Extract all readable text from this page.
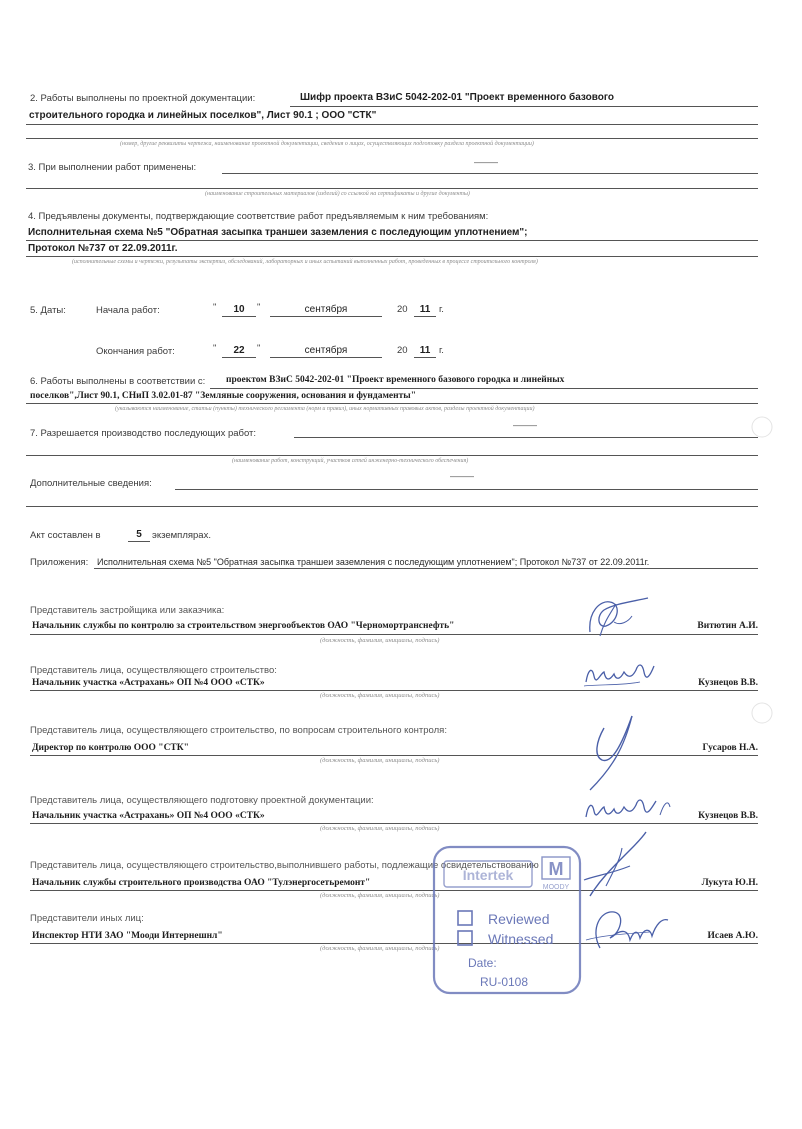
2. Работы выполнены по проектной документации:	Шифр проекта ВЗиС 5042-202-01 "Проект временного базового
строительного городка и линейных поселков", Лист 90.1 ; ООО "СТК"
(номер, другие реквизиты чертежа, наименование проектной документации, сведения о лицах, осуществляющих подготовку раздела проектной документации)
3. При выполнении работ применены:	———
(наименование строительных материалов (изделий) со ссылкой на сертификаты и другие документы)
4. Предъявлены документы, подтверждающие соответствие работ предъявляемым к ним требованиям:
Исполнительная схема №5 "Обратная засыпка траншеи заземления с последующим уплотнением";
Протокол №737 от 22.09.2011г.
(исполнительные схемы и чертежи, результаты экспертиз, обследований, лабораторных и иных испытаний выполненных работ, проведенных в процессе строительного контроля)
5. Даты:	Начала работ:	"	10	"	сентября	20	11 г.
Окончания работ:	"	22	"	сентября	20	11 г.
6. Работы выполнены в соответствии с: проектом ВЗиС 5042-202-01 "Проект временного базового городка и линейных
поселков",Лист 90.1, СНиП 3.02.01-87 "Земляные сооружения, основания и фундаменты"
(указываются наименование, статьи (пункты) технического регламента (норм и правил), иных нормативных правовых актов, разделы проектной документации)
7. Разрешается производство последующих работ:
———
(наименование работ, конструкций, участков сетей инженерно-технического обеспечения)
Дополнительные сведения:
———
Акт составлен в	5	экземплярах.
Приложения: Исполнительная схема №5 "Обратная засыпка траншеи заземления с последующим уплотнением"; Протокол №737 от 22.09.2011г.
Представитель застройщика или заказчика:
Начальник службы по контролю за строительством энергообъектов ОАО "Черномортранснефть"	Витютин А.И.
(должность, фамилия, инициалы, подпись)
Представитель лица, осуществляющего строительство:
Начальник участка «Астрахань» ОП №4 ООО «СТК»	Кузнецов В.В.
(должность, фамилия, инициалы, подпись)
Представитель лица, осуществляющего строительство, по вопросам строительного контроля:
Директор по контролю ООО "СТК"	Гусаров Н.А.
(должность, фамилия, инициалы, подпись)
Представитель лица, осуществляющего подготовку проектной документации:
Начальник участка «Астрахань» ОП №4 ООО «СТК»	Кузнецов В.В.
(должность, фамилия, инициалы, подпись)
Представитель лица, осуществляющего строительство,выполнившего работы, подлежащие освидетельствованию
Начальник службы строительного производства ОАО "Тулэнергосетьремонт"	Лукута Ю.Н.
(должность, фамилия, инициалы, подпись)
Представители иных лиц:
Инспектор НТИ ЗАО "Мооди Интернешнл"	Исаев А.Ю.
(должность, фамилия, инициалы, подпись)
Intertek M
MOODY
Reviewed
Witnessed
Date:
RU-0108
